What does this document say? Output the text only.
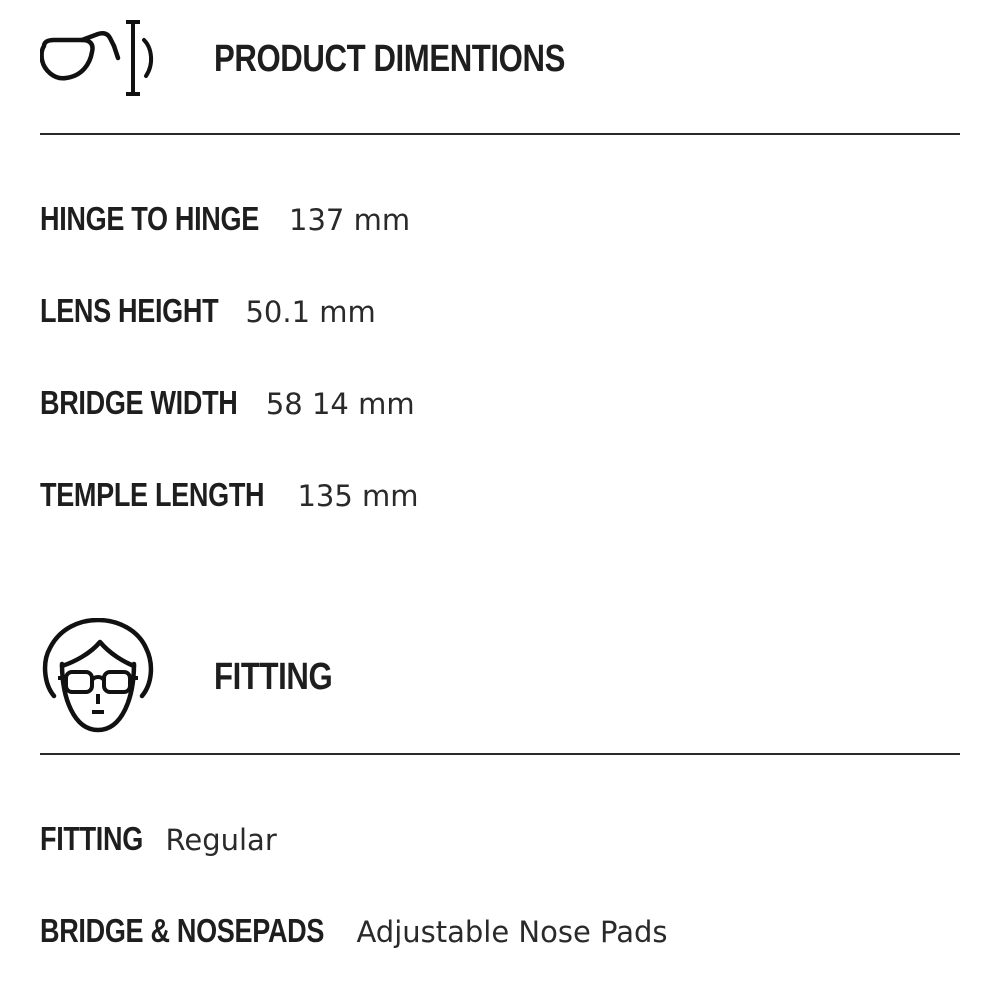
PRODUCT DIMENTIONS
HINGE TO HINGE 137 mm
LENS HEIGHT 50.1 mm
BRIDGE WIDTH 58 14 mm
TEMPLE LENGTH 135 mm
FITTING
FITTING Regular
BRIDGE & NOSEPADS Adjustable Nose Pads
